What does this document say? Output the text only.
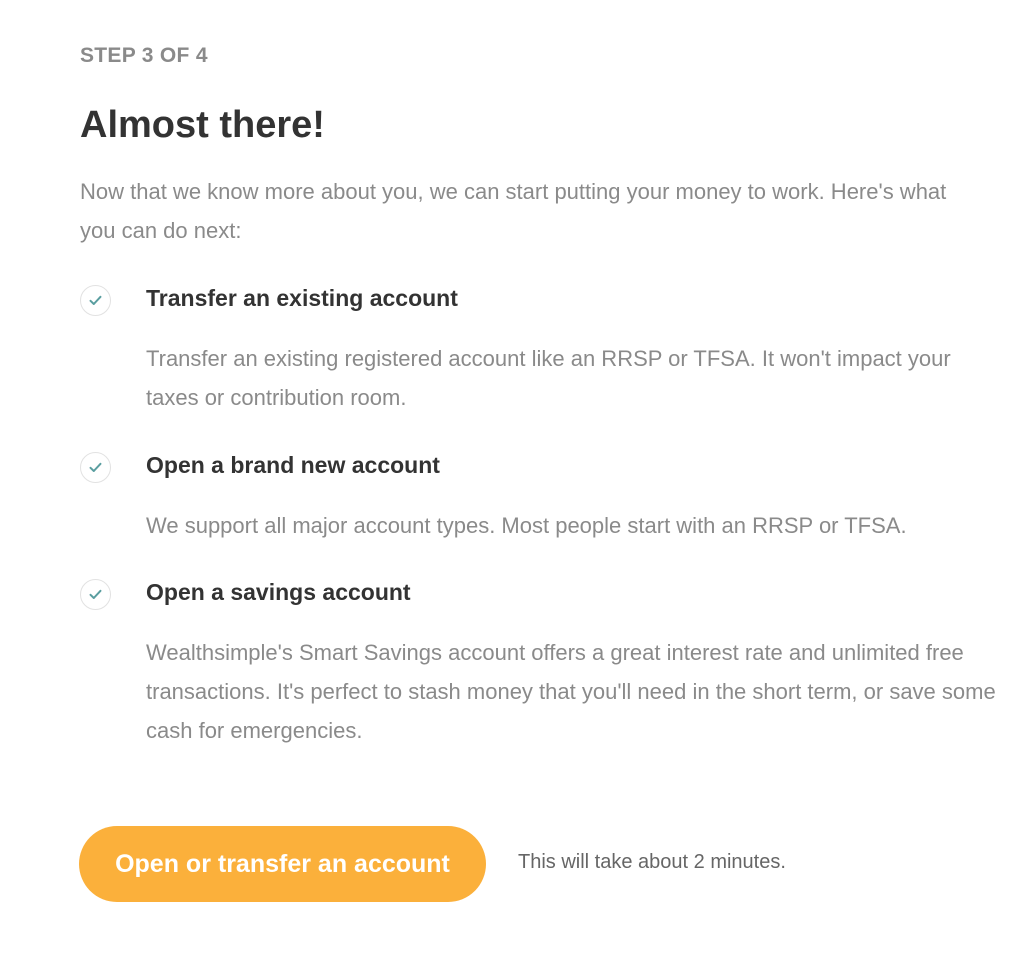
STEP 3 OF 4
Almost there!

Now that we know more about you, we can start putting your money to work. Here's what you can do next:

Transfer an existing account

Transfer an existing registered account like an RRSP or TFSA. It won't impact your taxes or contribution room.

Open a brand new account

We support all major account types. Most people start with an RRSP or TFSA.

Open a savings account

Wealthsimple's Smart Savings account offers a great interest rate and unlimited free transactions. It's perfect to stash money that you'll need in the short term, or save some cash for emergencies.

Open or transfer an account	This will take about 2 minutes.
